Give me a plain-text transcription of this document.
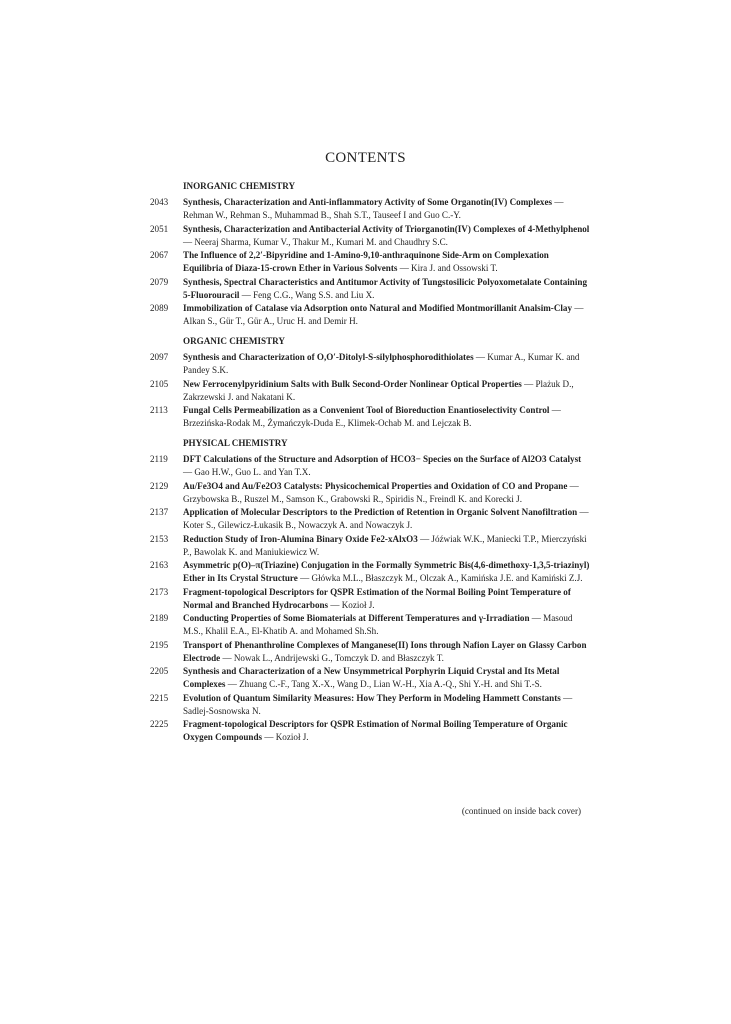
CONTENTS
INORGANIC CHEMISTRY
2043	Synthesis, Characterization and Anti-inflammatory Activity of Some Organotin(IV) Complexes — Rehman W., Rehman S., Muhammad B., Shah S.T., Tauseef I and Guo C.-Y.
2051	Synthesis, Characterization and Antibacterial Activity of Triorganotin(IV) Complexes of 4-Methylphenol — Neeraj Sharma, Kumar V., Thakur M., Kumari M. and Chaudhry S.C.
2067	The Influence of 2,2′-Bipyridine and 1-Amino-9,10-anthraquinone Side-Arm on Complexation Equilibria of Diaza-15-crown Ether in Various Solvents — Kira J. and Ossowski T.
2079	Synthesis, Spectral Characteristics and Antitumor Activity of Tungstosilicic Polyoxometalate Containing 5-Fluorouracil — Feng C.G., Wang S.S. and Liu X.
2089	Immobilization of Catalase via Adsorption onto Natural and Modified Montmorillanit Analsim-Clay — Alkan S., Gür T., Gür A., Uruc H. and Demir H.
ORGANIC CHEMISTRY
2097	Synthesis and Characterization of O,O′-Ditolyl-S-silylphosphorodithiolates — Kumar A., Kumar K. and Pandey S.K.
2105	New Ferrocenylpyridinium Salts with Bulk Second-Order Nonlinear Optical Properties — Plażuk D., Zakrzewski J. and Nakatani K.
2113	Fungal Cells Permeabilization as a Convenient Tool of Bioreduction Enantioselectivity Control — Brzezińska-Rodak M., Żymańczyk-Duda E., Klimek-Ochab M. and Lejczak B.
PHYSICAL CHEMISTRY
2119	DFT Calculations of the Structure and Adsorption of HCO3− Species on the Surface of Al2O3 Catalyst — Gao H.W., Guo L. and Yan T.X.
2129	Au/Fe3O4 and Au/Fe2O3 Catalysts: Physicochemical Properties and Oxidation of CO and Propane — Grzybowska B., Ruszel M., Samson K., Grabowski R., Spiridis N., Freindl K. and Korecki J.
2137	Application of Molecular Descriptors to the Prediction of Retention in Organic Solvent Nanofiltration — Koter S., Gilewicz-Łukasik B., Nowaczyk A. and Nowaczyk J.
2153	Reduction Study of Iron-Alumina Binary Oxide Fe2-xAlxO3 — Jóźwiak W.K., Maniecki T.P., Mierczyński P., Bawolak K. and Maniukiewicz W.
2163	Asymmetric p(O)–π(Triazine) Conjugation in the Formally Symmetric Bis(4,6-dimethoxy-1,3,5-triazinyl) Ether in Its Crystal Structure — Główka M.L., Błaszczyk M., Olczak A., Kamińska J.E. and Kamiński Z.J.
2173	Fragment-topological Descriptors for QSPR Estimation of the Normal Boiling Point Temperature of Normal and Branched Hydrocarbons — Kozioł J.
2189	Conducting Properties of Some Biomaterials at Different Temperatures and γ-Irradiation — Masoud M.S., Khalil E.A., El-Khatib A. and Mohamed Sh.Sh.
2195	Transport of Phenanthroline Complexes of Manganese(II) Ions through Nafion Layer on Glassy Carbon Electrode — Nowak L., Andrijewski G., Tomczyk D. and Błaszczyk T.
2205	Synthesis and Characterization of a New Unsymmetrical Porphyrin Liquid Crystal and Its Metal Complexes — Zhuang C.-F., Tang X.-X., Wang D., Lian W.-H., Xia A.-Q., Shi Y.-H. and Shi T.-S.
2215	Evolution of Quantum Similarity Measures: How They Perform in Modeling Hammett Constants — Sadlej-Sosnowska N.
2225	Fragment-topological Descriptors for QSPR Estimation of Normal Boiling Temperature of Organic Oxygen Compounds — Kozioł J.
(continued on inside back cover)
